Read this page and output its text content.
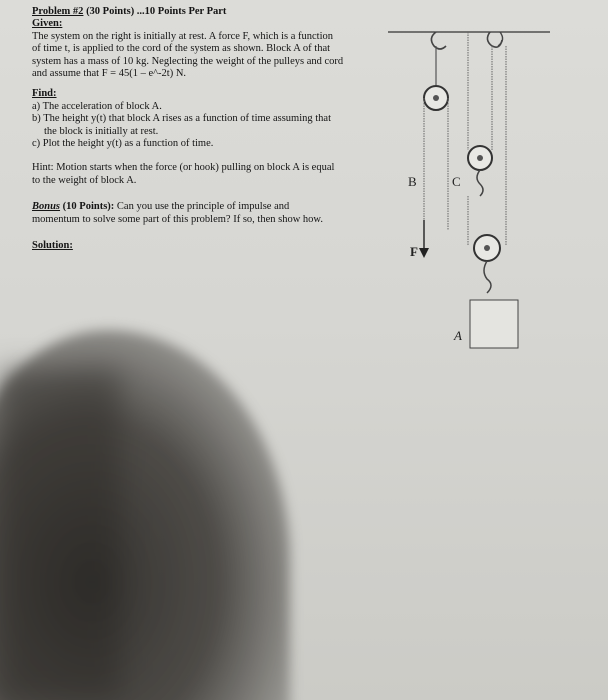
Problem #2 (30 Points) ...10 Points Per Part
Given:
The system on the right is initially at rest. A force F, which is a function
of time t, is applied to the cord of the system as shown. Block A of that
system has a mass of 10 kg. Neglecting the weight of the pulleys and cord
and assume that F = 45(1 – e^-2t) N.
Find:
a) The acceleration of block A.
b) The height y(t) that block A rises as a function of time assuming that
the block is initially at rest.
c) Plot the height y(t) as a function of time.
Hint: Motion starts when the force (or hook) pulling on block A is equal
to the weight of block A.
Bonus (10 Points): Can you use the principle of impulse and
momentum to solve some part of this problem? If so, then show how.
Solution:
B	C
F
A
